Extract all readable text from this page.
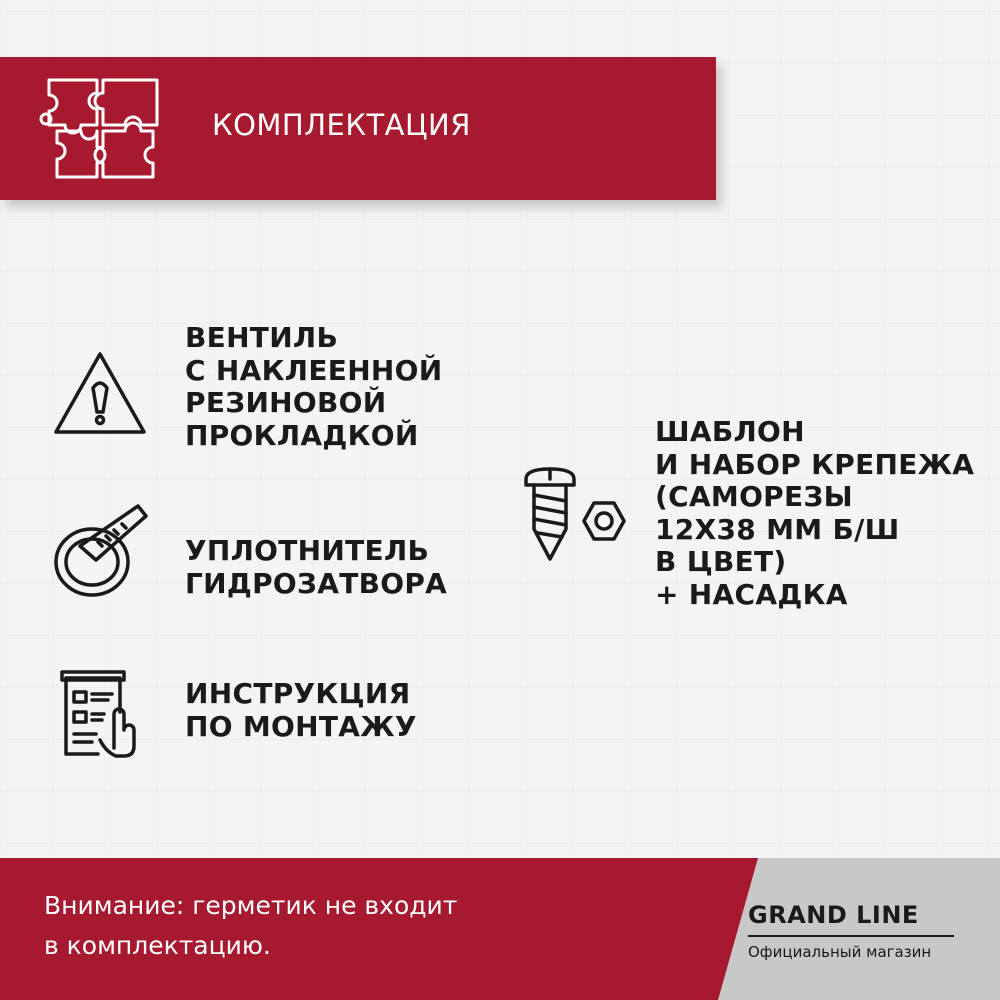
КОМПЛЕКТАЦИЯ
ВЕНТИЛЬ
С НАКЛЕЕННОЙ
РЕЗИНОВОЙ
ПРОКЛАДКОЙ
УПЛОТНИТЕЛЬ
ГИДРОЗАТВОРА
ИНСТРУКЦИЯ
ПО МОНТАЖУ
ШАБЛОН
И НАБОР КРЕПЕЖА
(САМОРЕЗЫ
12Х38 ММ Б/Ш
В ЦВЕТ)
+ НАСАДКА
Внимание: герметик не входит
в комплектацию.
GRAND LINE
Официальный магазин
